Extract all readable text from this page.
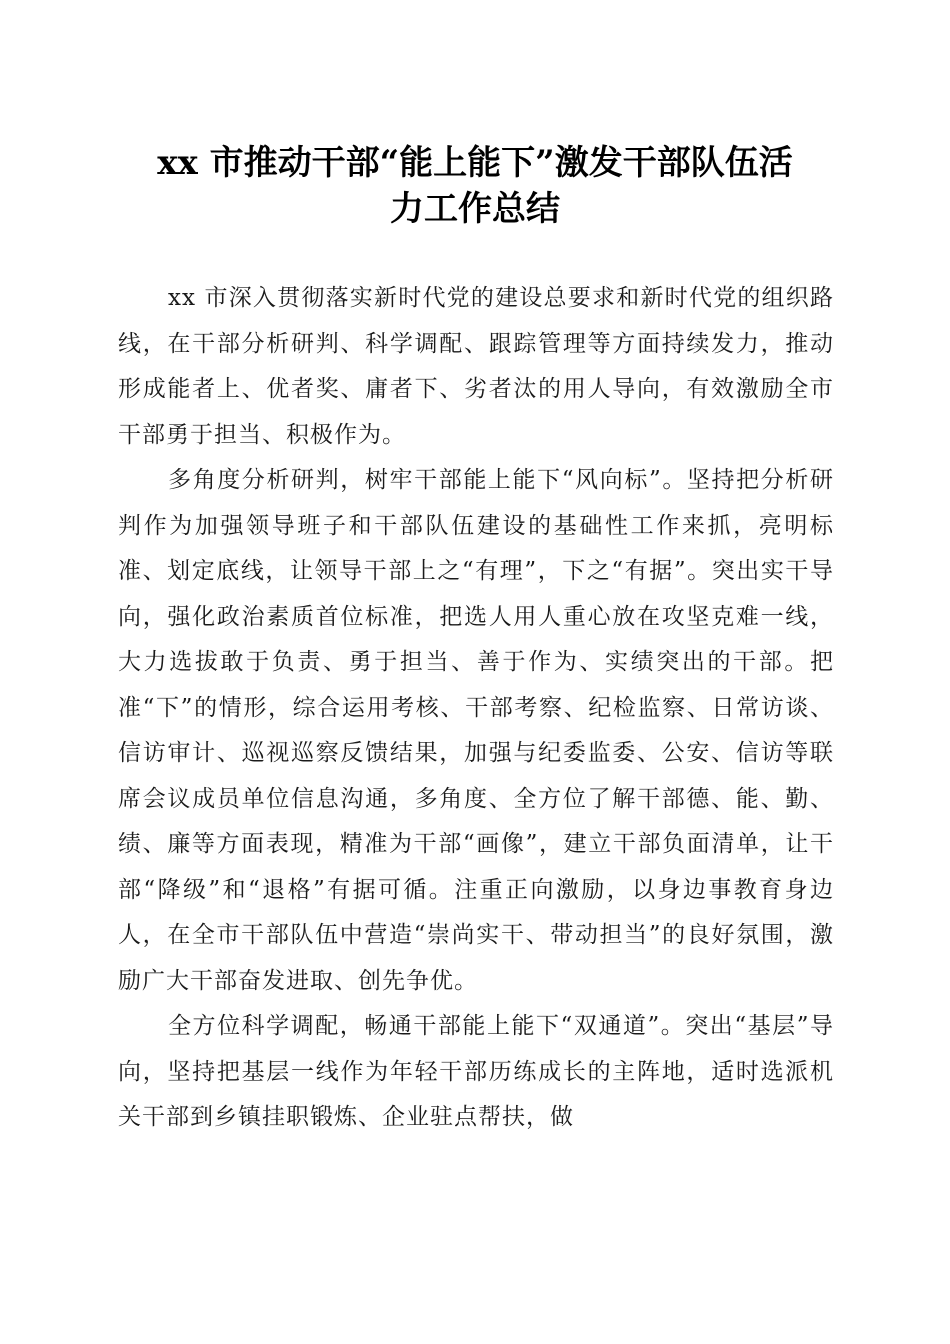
xx 市推动干部“能上能下”激发干部队伍活
力工作总结

xx 市深入贯彻落实新时代党的建设总要求和新时代党的组织路线，在干部分析研判、科学调配、跟踪管理等方面持续发力，推动形成能者上、优者奖、庸者下、劣者汰的用人导向，有效激励全市干部勇于担当、积极作为。

多角度分析研判，树牢干部能上能下“风向标”。坚持把分析研判作为加强领导班子和干部队伍建设的基础性工作来抓，亮明标准、划定底线，让领导干部上之“有理”，下之“有据”。突出实干导向，强化政治素质首位标准，把选人用人重心放在攻坚克难一线，大力选拔敢于负责、勇于担当、善于作为、实绩突出的干部。把准“下”的情形，综合运用考核、干部考察、纪检监察、日常访谈、信访审计、巡视巡察反馈结果，加强与纪委监委、公安、信访等联席会议成员单位信息沟通，多角度、全方位了解干部德、能、勤、绩、廉等方面表现，精准为干部“画像”，建立干部负面清单，让干部“降级”和“退格”有据可循。注重正向激励，以身边事教育身边人，在全市干部队伍中营造“崇尚实干、带动担当”的良好氛围，激励广大干部奋发进取、创先争优。

全方位科学调配，畅通干部能上能下“双通道”。突出“基层”导向，坚持把基层一线作为年轻干部历练成长的主阵地，适时选派机关干部到乡镇挂职锻炼、企业驻点帮扶，做
